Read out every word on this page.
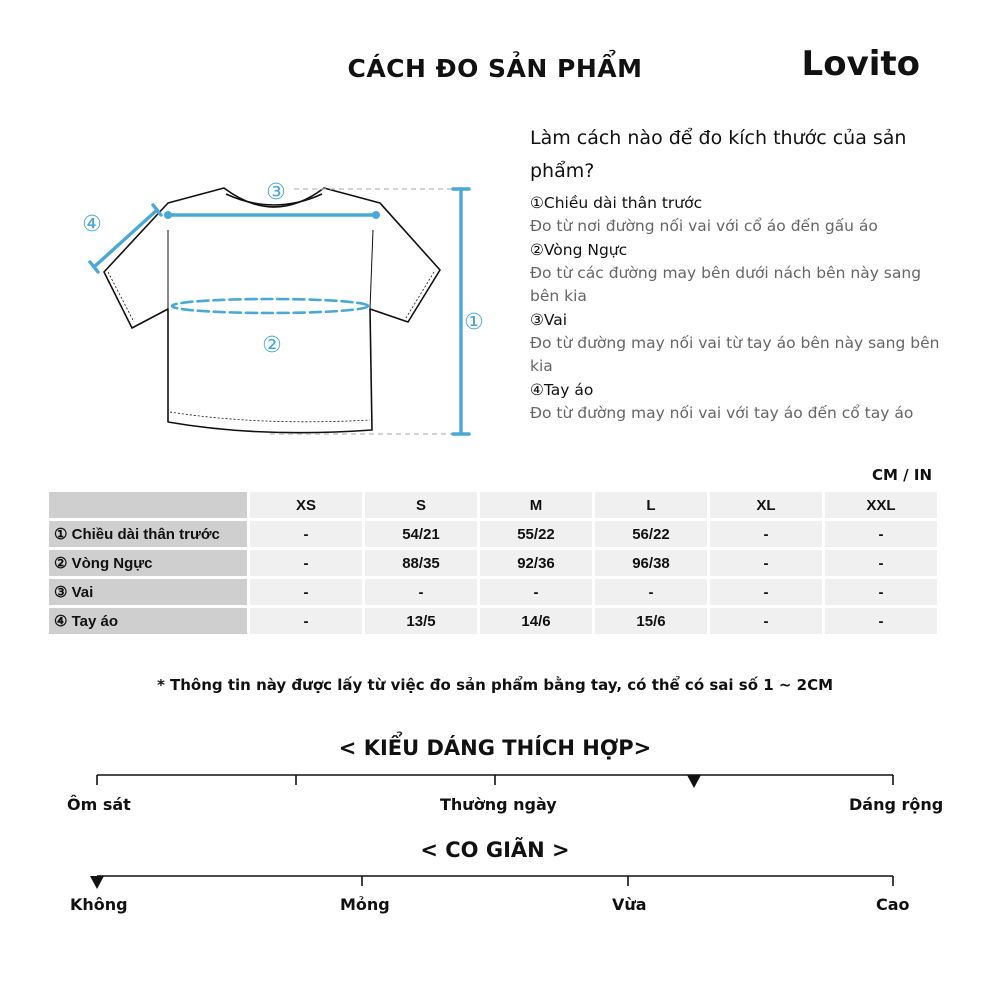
CÁCH ĐO SẢN PHẨM	Lovito
①
②
③
④
Làm cách nào để đo kích thước của sản phẩm?
①Chiều dài thân trước
Đo từ nơi đường nối vai với cổ áo đến gấu áo
②Vòng Ngực
Đo từ các đường may bên dưới nách bên này sang bên kia
③Vai
Đo từ đường may nối vai từ tay áo bên này sang bên kia
④Tay áo
Đo từ đường may nối vai với tay áo đến cổ tay áo
CM / IN
	XS	S	M	L	XL	XXL
① Chiều dài thân trước	-	54/21	55/22	56/22	-	-
② Vòng Ngực	-	88/35	92/36	96/38	-	-
③ Vai	-	-	-	-	-	-
④ Tay áo	-	13/5	14/6	15/6	-	-
* Thông tin này được lấy từ việc đo sản phẩm bằng tay, có thể có sai số 1 ~ 2CM
< KIỂU DÁNG THÍCH HỢP>
Ôm sát	Thường ngày	Dáng rộng
< CO GIÃN >
Không	Mỏng	Vừa	Cao
